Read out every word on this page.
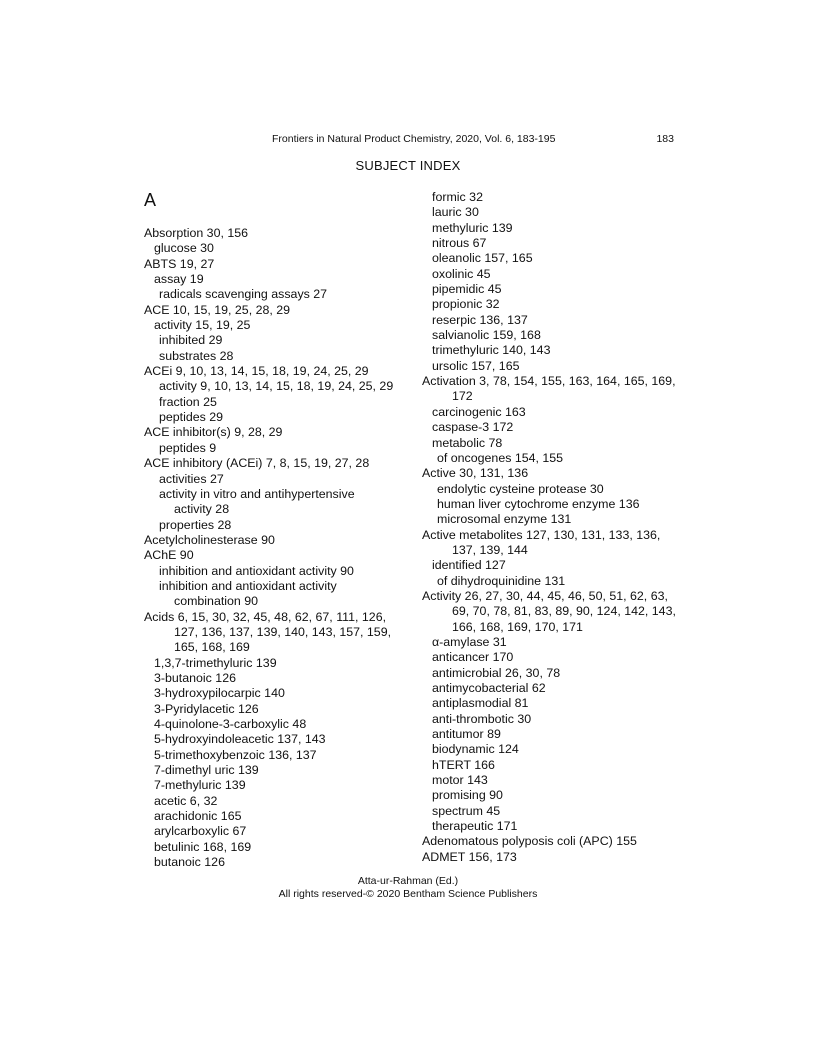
Frontiers in Natural Product Chemistry, 2020, Vol. 6, 183-195	183
SUBJECT INDEX
A
Absorption 30, 156
glucose 30
ABTS 19, 27
assay 19
radicals scavenging assays 27
ACE 10, 15, 19, 25, 28, 29
activity 15, 19, 25
inhibited 29
substrates 28
ACEi 9, 10, 13, 14, 15, 18, 19, 24, 25, 29
activity 9, 10, 13, 14, 15, 18, 19, 24, 25, 29
fraction 25
peptides 29
ACE inhibitor(s) 9, 28, 29
peptides 9
ACE inhibitory (ACEi) 7, 8, 15, 19, 27, 28
activities 27
activity in vitro and antihypertensive
activity 28
properties 28
Acetylcholinesterase 90
AChE 90
inhibition and antioxidant activity 90
inhibition and antioxidant activity
combination 90
Acids 6, 15, 30, 32, 45, 48, 62, 67, 111, 126,
127, 136, 137, 139, 140, 143, 157, 159,
165, 168, 169
1,3,7-trimethyluric 139
3-butanoic 126
3-hydroxypilocarpic 140
3-Pyridylacetic 126
4-quinolone-3-carboxylic 48
5-hydroxyindoleacetic 137, 143
5-trimethoxybenzoic 136, 137
7-dimethyl uric 139
7-methyluric 139
acetic 6, 32
arachidonic 165
arylcarboxylic 67
betulinic 168, 169
butanoic 126
formic 32
lauric 30
methyluric 139
nitrous 67
oleanolic 157, 165
oxolinic 45
pipemidic 45
propionic 32
reserpic 136, 137
salvianolic 159, 168
trimethyluric 140, 143
ursolic 157, 165
Activation 3, 78, 154, 155, 163, 164, 165, 169,
172
carcinogenic 163
caspase-3 172
metabolic 78
of oncogenes 154, 155
Active 30, 131, 136
endolytic cysteine protease 30
human liver cytochrome enzyme 136
microsomal enzyme 131
Active metabolites 127, 130, 131, 133, 136,
137, 139, 144
identified 127
of dihydroquinidine 131
Activity 26, 27, 30, 44, 45, 46, 50, 51, 62, 63,
69, 70, 78, 81, 83, 89, 90, 124, 142, 143,
166, 168, 169, 170, 171
α-amylase 31
anticancer 170
antimicrobial 26, 30, 78
antimycobacterial 62
antiplasmodial 81
anti-thrombotic 30
antitumor 89
biodynamic 124
hTERT 166
motor 143
promising 90
spectrum 45
therapeutic 171
Adenomatous polyposis coli (APC) 155
ADMET 156, 173
Atta-ur-Rahman (Ed.)
All rights reserved-© 2020 Bentham Science Publishers
